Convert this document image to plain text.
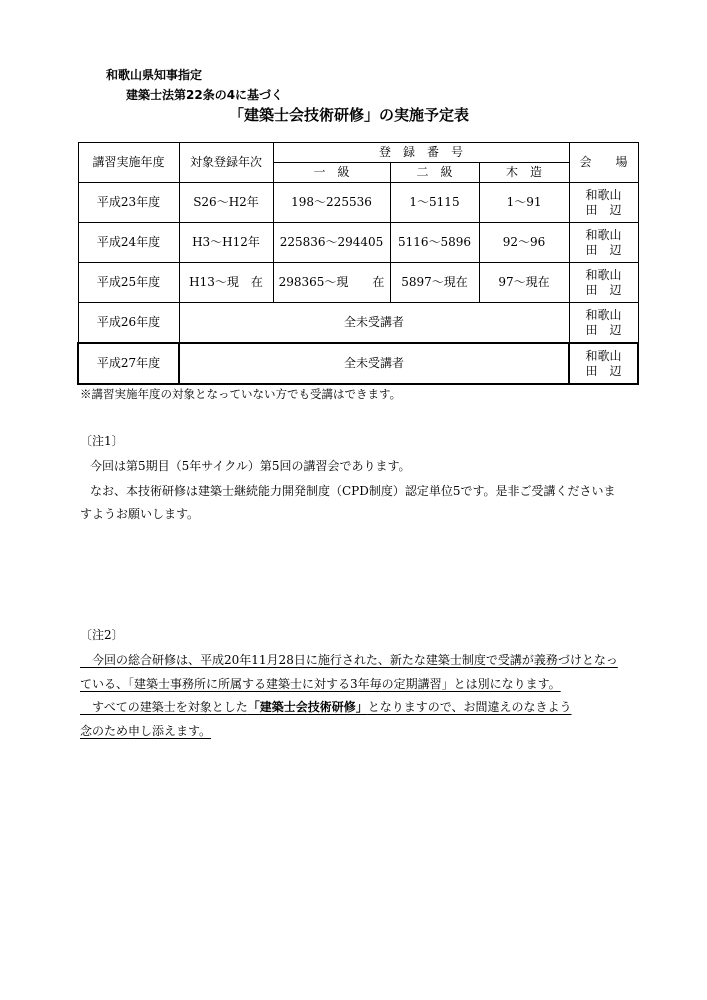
和歌山県知事指定
建築士法第22条の4に基づく
「建築士会技術研修」の実施予定表
講習実施年度	対象登録年次	登　録　番　号			会　　場
		一　級	二　級	木　造	
平成23年度	S26〜H2年	198〜225536	1〜5115	1〜91	和歌山
田　辺

平成24年度	H3〜H12年	225836〜294405	5116〜5896	92〜96	和歌山
田　辺

平成25年度	H13〜現　在	298365〜現　　在	5897〜現在	97〜現在	和歌山
田　辺

平成26年度	全未受講者				和歌山
田　辺

平成27年度	全未受講者				和歌山
田　辺
※講習実施年度の対象となっていない方でも受講はできます。
〔注1〕
今回は第5期目（5年サイクル）第5回の講習会であります。
なお、本技術研修は建築士継続能力開発制度（CPD制度）認定単位5です。是非ご受講くださいま
すようお願いします。
〔注2〕
　今回の総合研修は、平成20年11月28日に施行された、新たな建築士制度で受講が義務づけとなっ
ている、「建築士事務所に所属する建築士に対する3年毎の定期講習」とは別になります。
　すべての建築士を対象とした「建築士会技術研修」となりますので、お間違えのなきよう
念のため申し添えます。
